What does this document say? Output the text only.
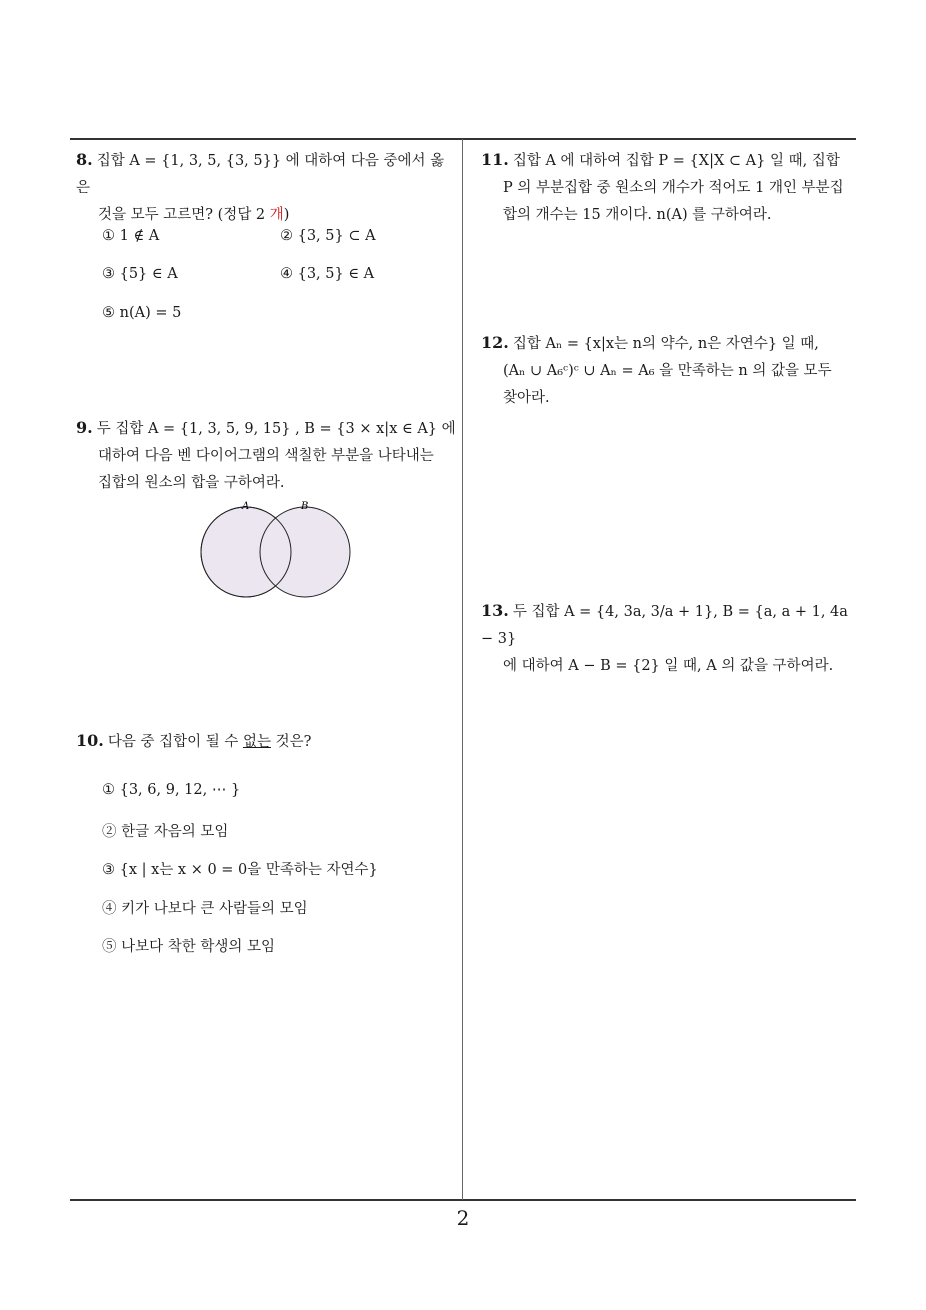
8. 집합 A = {1, 3, 5, {3, 5}} 에 대하여 다음 중에서 옳은
것을 모두 고르면? (정답 2 개)
① 1 ∉ A	② {3, 5} ⊂ A
③ {5} ∈ A	④ {3, 5} ∈ A
⑤ n(A) = 5
9. 두 집합 A = {1, 3, 5, 9, 15} , B = {3 × x|x ∈ A} 에
대하여 다음 벤 다이어그램의 색칠한 부분을 나타내는
집합의 원소의 합을 구하여라.
A	B
10. 다음 중 집합이 될 수 없는 것은?
① {3, 6, 9, 12, ⋯ }
② 한글 자음의 모임
③ {x | x는 x × 0 = 0을 만족하는 자연수}
④ 키가 나보다 큰 사람들의 모임
⑤ 나보다 착한 학생의 모임
11. 집합 A 에 대하여 집합 P = {X|X ⊂ A} 일 때, 집합
P 의 부분집합 중 원소의 개수가 적어도 1 개인 부분집
합의 개수는 15 개이다. n(A) 를 구하여라.
12. 집합 Aₙ = {x|x는 n의 약수, n은 자연수} 일 때,
(Aₙ ∪ A₆ᶜ)ᶜ ∪ Aₙ = A₆ 을 만족하는 n 의 값을 모두
찾아라.
13. 두 집합 A = {4, 3a, 3/a + 1}, B = {a, a + 1, 4a − 3}
에 대하여 A − B = {2} 일 때, A 의 값을 구하여라.
2
